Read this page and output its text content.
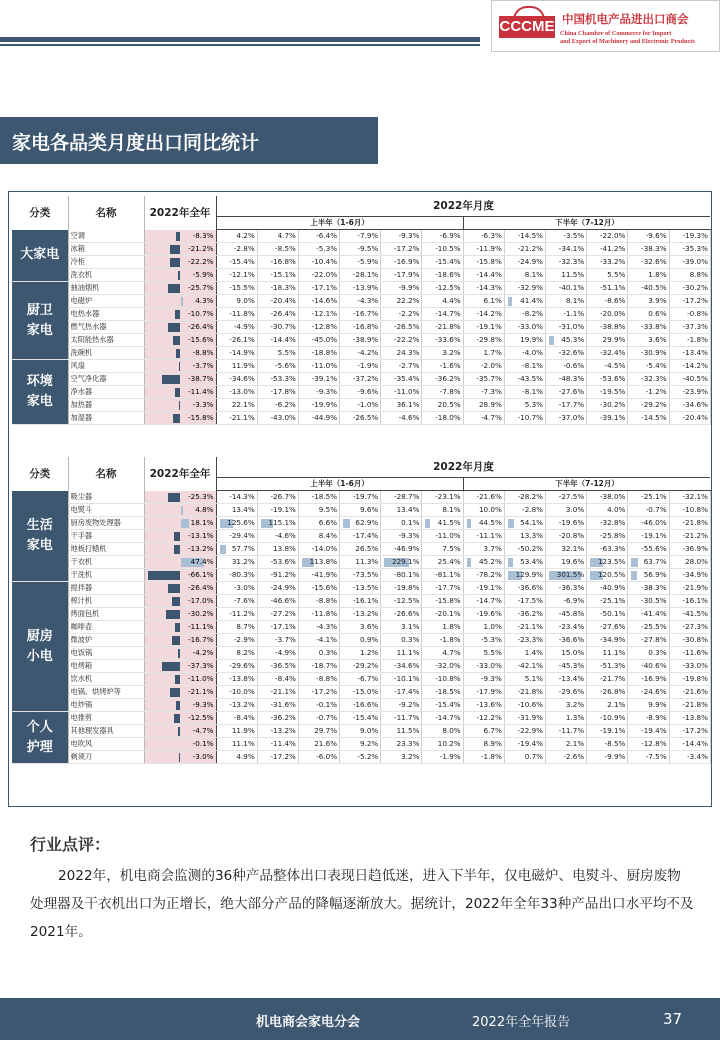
CCCME 中国机电产品进出口商会
China Chamber of Commerce for Import
and Export of Machinery and Electronic Products
家电各品类月度出口同比统计
分类	名称	2022年全年	2022年月度											
			上半年（1-6月）						下半年（7-12月）					
大家电	空调	-8.3%	4.2%	4.7%	-6.4%	-7.9%	-9.3%	-6.9%	-6.3%	-14.5%	-3.5%	-22.0%	-9.6%	-19.3%
	冰箱	-21.2%	-2.8%	-8.5%	-5.3%	-9.5%	-17.2%	-10.5%	-11.9%	-21.2%	-34.1%	-41.2%	-38.3%	-35.3%
	冷柜	-22.2%	-15.4%	-16.8%	-10.4%	-5.9%	-16.9%	-15.4%	-15.8%	-24.9%	-32.3%	-33.2%	-32.6%	-39.0%
	洗衣机	-5.9%	-12.1%	-15.1%	-22.0%	-28.1%	-17.9%	-18.6%	-14.4%	8.1%	11.5%	5.5%	1.8%	8.8%
厨卫
家电	抽油烟机	-25.7%	-15.5%	-18.3%	-17.1%	-13.9%	-9.9%	-12.5%	-14.3%	-32.9%	-40.1%	-51.1%	-40.5%	-30.2%
	电磁炉	4.3%	9.0%	-20.4%	-14.6%	-4.3%	22.2%	4.4%	6.1%	41.4%	8.1%	-8.6%	3.9%	-17.2%
	电热水器	-10.7%	-11.8%	-26.4%	-12.1%	-16.7%	-2.2%	-14.7%	-14.2%	-8.2%	-1.1%	-20.0%	0.6%	-0.8%
	燃气热水器	-26.4%	-4.9%	-30.7%	-12.8%	-16.8%	-26.5%	-21.8%	-19.1%	-33.0%	-31.0%	-38.8%	-33.8%	-37.3%
	太阳能热水器	-15.6%	-26.1%	-14.4%	-45.0%	-38.9%	-22.2%	-33.6%	-29.8%	19.9%	45.3%	29.9%	3.6%	-1.8%
	洗碗机	-8.8%	-14.9%	5.5%	-18.8%	-4.2%	24.3%	3.2%	1.7%	-4.0%	-32.6%	-32.4%	-30.9%	-13.4%
环境
家电	风扇	-3.7%	11.9%	-5.6%	-11.0%	-1.9%	-2.7%	-1.6%	-2.0%	-8.1%	-0.6%	-4.5%	-5.4%	-14.2%
	空气净化器	-38.7%	-34.6%	-53.3%	-39.1%	-37.2%	-35.4%	-36.2%	-35.7%	-43.5%	-48.3%	-53.6%	-32.3%	-40.5%
	净水器	-11.4%	-13.0%	-17.8%	-9.3%	-9.6%	-11.0%	-7.8%	-7.3%	-8.1%	-27.6%	-19.5%	-1.2%	-23.9%
	加热器	-3.3%	22.1%	-6.2%	-19.9%	-1.0%	36.1%	20.5%	28.9%	5.3%	-17.7%	-30.2%	-29.2%	-34.6%
	加湿器	-15.8%	-21.1%	-43.0%	-44.9%	-26.5%	-4.6%	-18.0%	-4.7%	-10.7%	-37.0%	-39.1%	-14.5%	-20.4%
分类	名称	2022年全年	2022年月度											
			上半年（1-6月）						下半年（7-12月）					
生活
家电	吸尘器	-25.3%	-14.3%	-26.7%	-18.5%	-19.7%	-28.7%	-23.1%	-21.6%	-28.2%	-27.5%	-38.0%	-25.1%	-32.1%
	电熨斗	4.8%	13.4%	-19.1%	9.5%	9.6%	13.4%	8.1%	10.0%	-2.8%	3.0%	4.0%	-0.7%	-10.8%
	厨房废物处理器	18.1%	125.6%	115.1%	6.6%	62.9%	0.1%	41.5%	44.5%	54.1%	-19.6%	-32.8%	-46.0%	-21.8%
	干手器	-13.1%	-29.4%	-4.6%	8.4%	-17.4%	-9.3%	-11.0%	-11.1%	13.3%	-20.8%	-25.8%	-19.1%	-21.2%
	地板打蜡机	-13.2%	57.7%	13.8%	-14.0%	26.5%	-46.9%	7.5%	3.7%	-50.2%	32.1%	-63.3%	-55.6%	-36.9%
	干衣机	47.4%	31.2%	-53.6%	113.8%	11.3%	229.1%	25.4%	45.2%	53.4%	19.6%	123.5%	63.7%	28.0%
	干洗机	-66.1%	-80.3%	-91.2%	-41.9%	-73.5%	-80.1%	-81.1%	-78.2%	129.9%	301.5%	120.5%	56.9%	-34.9%
厨房
小电	搅拌器	-26.4%	-3.0%	-24.9%	-15.6%	-13.5%	-19.8%	-17.7%	-19.1%	-36.6%	-36.3%	-40.9%	-38.3%	-21.9%
	榨汁机	-17.0%	-7.6%	-46.6%	-8.8%	-16.1%	-12.5%	-15.8%	-14.7%	-17.5%	-6.9%	-25.1%	-30.5%	-16.1%
	烤面包机	-30.2%	-11.2%	-27.2%	-11.8%	-13.2%	-26.6%	-20.1%	-19.6%	-36.2%	-45.8%	-50.1%	-41.4%	-41.5%
	咖啡壶	-11.1%	8.7%	-17.1%	-4.3%	3.6%	3.1%	1.8%	1.0%	-21.1%	-23.4%	-27.6%	-25.5%	-27.3%
	微波炉	-16.7%	-2.9%	-3.7%	-4.1%	0.9%	0.3%	-1.8%	-5.3%	-23.3%	-36.6%	-34.9%	-27.8%	-30.8%
	电饭锅	-4.2%	8.2%	-4.9%	0.3%	1.2%	11.1%	4.7%	5.5%	1.4%	15.0%	11.1%	0.3%	-11.6%
	电烤箱	-37.3%	-29.6%	-36.5%	-18.7%	-29.2%	-34.6%	-32.0%	-33.0%	-42.1%	-45.3%	-51.3%	-40.6%	-33.0%
	饮水机	-11.0%	-13.8%	-8.4%	-8.8%	-6.7%	-10.1%	-10.8%	-9.3%	5.1%	-13.4%	-21.7%	-16.9%	-19.8%
	电锅、烘烤炉等	-21.1%	-10.0%	-21.1%	-17.2%	-15.0%	-17.4%	-18.5%	-17.9%	-21.8%	-29.6%	-26.8%	-24.6%	-21.6%
	电炒锅	-9.3%	-13.2%	-31.6%	-0.1%	-16.6%	-9.2%	-15.4%	-13.6%	-10.6%	3.2%	2.1%	9.9%	-21.8%
个人
护理	电推剪	-12.5%	-8.4%	-36.2%	-0.7%	-15.4%	-11.7%	-14.7%	-12.2%	-31.9%	1.3%	-10.9%	-8.9%	-13.8%
	其他理发器具	-4.7%	11.9%	-13.2%	29.7%	9.0%	11.5%	8.0%	6.7%	-22.9%	-11.7%	-19.1%	-19.4%	-17.2%
	电吹风	-0.1%	11.1%	-11.4%	21.6%	9.2%	23.3%	10.2%	8.9%	-19.4%	2.1%	-8.5%	-12.8%	-14.4%
	剃须刀	-3.0%	4.9%	-17.2%	-6.0%	-5.2%	3.2%	-1.9%	-1.8%	0.7%	-2.6%	-9.9%	-7.5%	-3.4%
行业点评：
2022年，机电商会监测的36种产品整体出口表现日趋低迷，进入下半年，仅电磁炉、电熨斗、厨房废物处理器及干衣机出口为正增长，绝大部分产品的降幅逐渐放大。据统计，2022年全年33种产品出口水平均不及2021年。
机电商会家电分会	2022年全年报告	37
